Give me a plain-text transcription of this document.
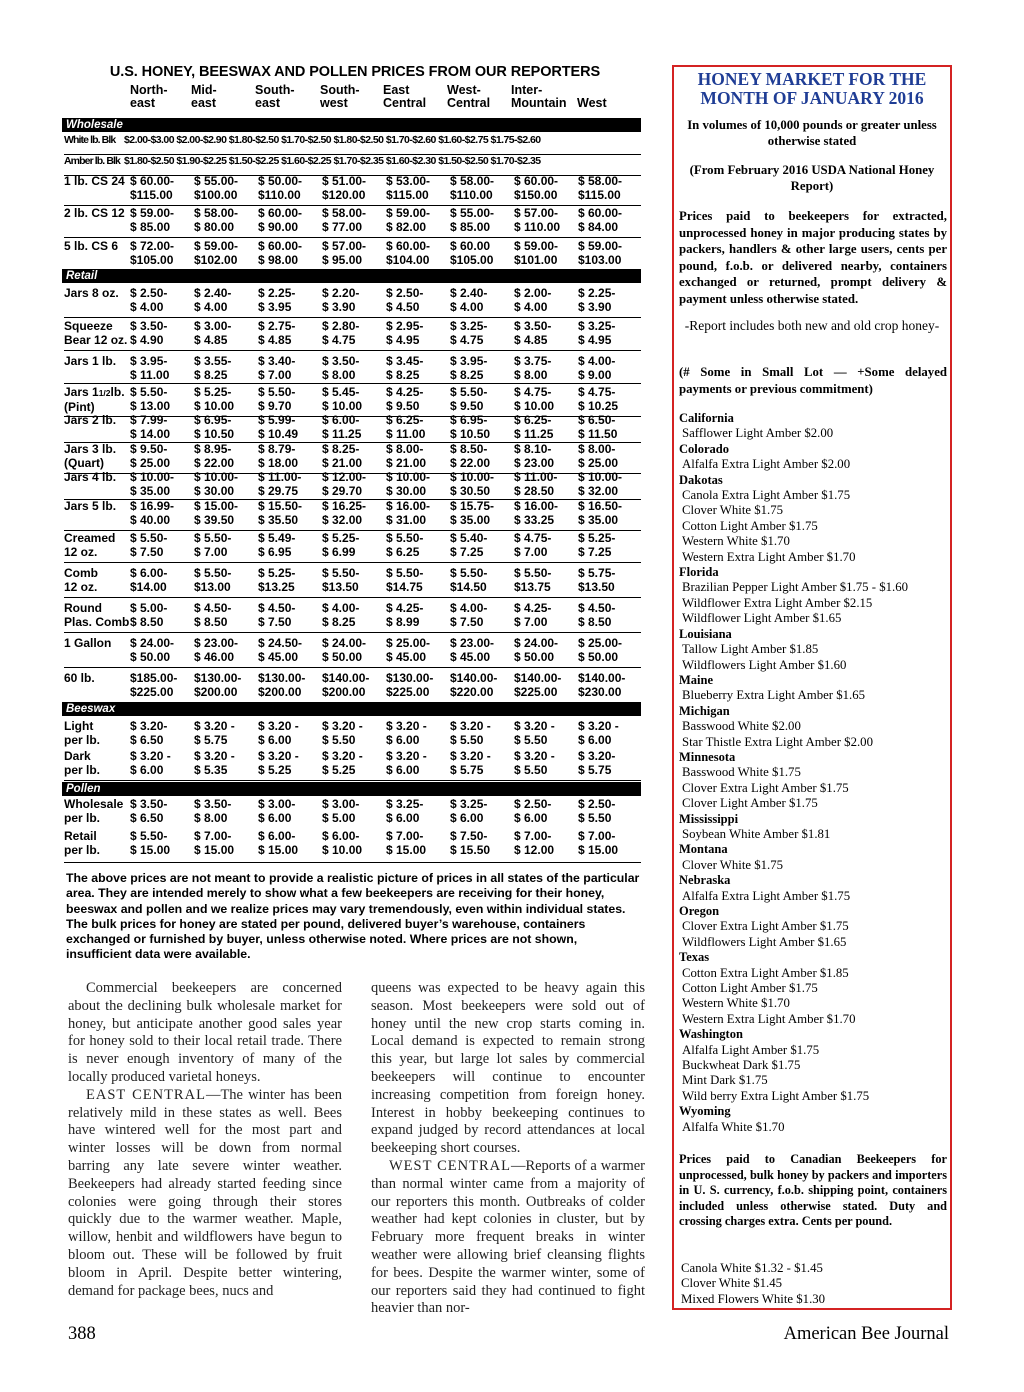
U.S. HONEY, BEESWAX AND POLLEN PRICES FROM OUR REPORTERS
North-
east
Mid-
east
South-
east
South-
west
East
Central
West-
Central
Inter-
Mountain
West
Wholesale
White lb. Blk $2.00-$3.00 $2.00-$2.90 $1.80-$2.50 $1.70-$2.50 $1.80-$2.50 $1.70-$2.60 $1.60-$2.75 $1.75-$2.60
Amber lb. Blk $1.80-$2.50 $1.90-$2.25 $1.50-$2.25 $1.60-$2.25 $1.70-$2.35 $1.60-$2.30 $1.50-$2.50 $1.70-$2.35
1 lb. CS 24 $ 60.00-
$115.00
$ 55.00-
$100.00
$ 50.00-
$110.00
$ 51.00-
$120.00
$ 53.00-
$115.00
$ 58.00-
$110.00
$ 60.00-
$150.00
$ 58.00-
$115.00
2 lb. CS 12 $ 59.00-
$ 85.00
$ 58.00-
$ 80.00
$ 60.00-
$ 90.00
$ 58.00-
$ 77.00
$ 59.00-
$ 82.00
$ 55.00-
$ 85.00
$ 57.00-
$ 110.00
$ 60.00-
$ 84.00
5 lb. CS 6 $ 72.00-
$105.00
$ 59.00-
$102.00
$ 60.00-
$ 98.00
$ 57.00-
$ 95.00
$ 60.00-
$104.00
$ 60.00
$105.00
$ 59.00-
$101.00
$ 59.00-
$103.00
Retail
Jars 8 oz. $ 2.50-
$ 4.00
$ 2.40-
$ 4.00
$ 2.25-
$ 3.95
$ 2.20-
$ 3.90
$ 2.50-
$ 4.50
$ 2.40-
$ 4.00
$ 2.00-
$ 4.00
$ 2.25-
$ 3.90
Squeeze
Bear 12 oz.
$ 3.50-
$ 4.90
$ 3.00-
$ 4.85
$ 2.75-
$ 4.85
$ 2.80-
$ 4.75
$ 2.95-
$ 4.95
$ 3.25-
$ 4.75
$ 3.50-
$ 4.85
$ 3.25-
$ 4.95
Jars 1 lb. $ 3.95-
$ 11.00
$ 3.55-
$ 8.25
$ 3.40-
$ 7.00
$ 3.50-
$ 8.00
$ 3.45-
$ 8.25
$ 3.95-
$ 8.25
$ 3.75-
$ 8.00
$ 4.00-
$ 9.00
Jars 11/2lb.
(Pint)
$ 5.50-
$ 13.00
$ 5.25-
$ 10.00
$ 5.50-
$ 9.70
$ 5.45-
$ 10.00
$ 4.25-
$ 9.50
$ 5.50-
$ 9.50
$ 4.75-
$ 10.00
$ 4.75-
$ 10.25
Jars 2 lb. $ 7.99-
$ 14.00
$ 6.95-
$ 10.50
$ 5.99-
$ 10.49
$ 6.00-
$ 11.25
$ 6.25-
$ 11.00
$ 6.95-
$ 10.50
$ 6.25-
$ 11.25
$ 6.50-
$ 11.50
Jars 3 lb.
(Quart)
$ 9.50-
$ 25.00
$ 8.95-
$ 22.00
$ 8.79-
$ 18.00
$ 8.25-
$ 21.00
$ 8.00-
$ 21.00
$ 8.50-
$ 22.00
$ 8.10-
$ 23.00
$ 8.00-
$ 25.00
Jars 4 lb. $ 10.00-
$ 35.00
$ 10.00-
$ 30.00
$ 11.00-
$ 29.75
$ 12.00-
$ 29.70
$ 10.00-
$ 30.00
$ 10.00-
$ 30.50
$ 11.00-
$ 28.50
$ 10.00-
$ 32.00
Jars 5 lb. $ 16.99-
$ 40.00
$ 15.00-
$ 39.50
$ 15.50-
$ 35.50
$ 16.25-
$ 32.00
$ 16.00-
$ 31.00
$ 15.75-
$ 35.00
$ 16.00-
$ 33.25
$ 16.50-
$ 35.00
Creamed
12 oz.
$ 5.50-
$ 7.50
$ 5.50-
$ 7.00
$ 5.49-
$ 6.95
$ 5.25-
$ 6.99
$ 5.50-
$ 6.25
$ 5.40-
$ 7.25
$ 4.75-
$ 7.00
$ 5.25-
$ 7.25
Comb
12 oz.
$ 6.00-
$14.00
$ 5.50-
$13.00
$ 5.25-
$13.25
$ 5.50-
$13.50
$ 5.50-
$14.75
$ 5.50-
$14.50
$ 5.50-
$13.75
$ 5.75-
$13.50
Round
Plas. Comb
$ 5.00-
$ 8.50
$ 4.50-
$ 8.50
$ 4.50-
$ 7.50
$ 4.00-
$ 8.25
$ 4.25-
$ 8.99
$ 4.00-
$ 7.50
$ 4.25-
$ 7.00
$ 4.50-
$ 8.50
1 Gallon $ 24.00-
$ 50.00
$ 23.00-
$ 46.00
$ 24.50-
$ 45.00
$ 24.00-
$ 50.00
$ 25.00-
$ 45.00
$ 23.00-
$ 45.00
$ 24.00-
$ 50.00
$ 25.00-
$ 50.00
60 lb.	$185.00-
$225.00
$130.00-
$200.00
$130.00-
$200.00
$140.00-
$200.00
$130.00-
$225.00
$140.00-
$220.00
$140.00-
$225.00
$140.00-
$230.00
Beeswax
Light
per lb.
$ 3.20-
$ 6.50
$ 3.20 -
$ 5.75
$ 3.20 -
$ 6.00
$ 3.20 -
$ 5.50
$ 3.20 -
$ 6.00
$ 3.20 -
$ 5.50
$ 3.20 -
$ 5.50
$ 3.20 -
$ 6.00
Dark
per lb.
$ 3.20 -
$ 6.00
$ 3.20 -
$ 5.35
$ 3.20 -
$ 5.25
$ 3.20 -
$ 5.25
$ 3.20 -
$ 6.00
$ 3.20 -
$ 5.75
$ 3.20 -
$ 5.50
$ 3.20-
$ 5.75
Pollen
Wholesale
per lb.
$ 3.50-
$ 6.50
$ 3.50-
$ 8.00
$ 3.00-
$ 6.00
$ 3.00-
$ 5.00
$ 3.25-
$ 6.00
$ 3.25-
$ 6.00
$ 2.50-
$ 6.00
$ 2.50-
$ 5.50
Retail
per lb.
$ 5.50-
$ 15.00
$ 7.00-
$ 15.00
$ 6.00-
$ 15.00
$ 6.00-
$ 10.00
$ 7.00-
$ 15.00
$ 7.50-
$ 15.50
$ 7.00-
$ 12.00
$ 7.00-
$ 15.00
The above prices are not meant to provide a realistic picture of prices in all states of the particular area. They are intended merely to show what a few beekeepers are receiving for their honey, beeswax and pollen and we realize prices may vary tremendously, even within individual states. The bulk prices for honey are stated per pound, delivered buyer’s warehouse, containers exchanged or furnished by buyer, unless otherwise noted. Where prices are not shown, insufficient data were available.

Commercial beekeepers are concerned about the declining bulk wholesale market for honey, but anticipate another good sales year for honey sold to their local retail trade. There is never enough inventory of many of the locally produced varietal honeys.

EAST CENTRAL—The winter has been relatively mild in these states as well. Bees have wintered well for the most part and winter losses will be down from normal barring any late severe winter weather. Beekeepers had already started feeding since colonies were going through their stores quickly due to the warmer weather. Maple, willow, henbit and wildflowers have begun to bloom out. These will be followed by fruit bloom in April. Despite better wintering, demand for package bees, nucs and

queens was expected to be heavy again this season. Most beekeepers were sold out of honey until the new crop starts coming in. Local demand is expected to remain strong this year, but large lot sales by commercial beekeepers will continue to encounter increasing competition from foreign honey. Interest in hobby beekeeping continues to expand judged by record attendances at local beekeeping short courses.

WEST CENTRAL—Reports of a warmer than normal winter came from a majority of our reporters this month. Outbreaks of colder weather had kept colonies in cluster, but by February more frequent breaks in winter weather were allowing brief cleansing flights for bees. Despite the warmer winter, some of our reporters said they had continued to fight heavier than nor-

HONEY MARKET FOR THE MONTH OF JANUARY 2016
In volumes of 10,000 pounds or greater unless otherwise stated
(From February 2016 USDA National Honey Report)
Prices paid to beekeepers for extracted, unprocessed honey in major producing states by packers, handlers & other large users, cents per pound, f.o.b. or delivered nearby, containers exchanged or returned, prompt delivery & payment unless otherwise stated.
-Report includes both new and old crop honey-
(# Some in Small Lot — +Some delayed payments or previous commitment)
California
Safflower Light Amber $2.00
Colorado
Alfalfa Extra Light Amber $2.00
Dakotas
Canola Extra Light Amber $1.75
Clover White $1.75
Cotton Light Amber $1.75
Western White $1.70
Western Extra Light Amber $1.70
Florida
Brazilian Pepper Light Amber $1.75 - $1.60
Wildflower Extra Light Amber $2.15
Wildflower Light Amber $1.65
Louisiana
Tallow Light Amber $1.85
Wildflowers Light Amber $1.60
Maine
Blueberry Extra Light Amber $1.65
Michigan
Basswood White $2.00
Star Thistle Extra Light Amber $2.00
Minnesota
Basswood White $1.75
Clover Extra Light Amber $1.75
Clover Light Amber $1.75
Mississippi
Soybean White Amber $1.81
Montana
Clover White $1.75
Nebraska
Alfalfa Extra Light Amber $1.75
Oregon
Clover Extra Light Amber $1.75
Wildflowers Light Amber $1.65
Texas
Cotton Extra Light Amber $1.85
Cotton Light Amber $1.75
Western White $1.70
Western Extra Light Amber $1.70
Washington
Alfalfa Light Amber $1.75
Buckwheat Dark $1.75
Mint Dark $1.75
Wild berry Extra Light Amber $1.75
Wyoming
Alfalfa White $1.70
Prices paid to Canadian Beekeepers for unprocessed, bulk honey by packers and importers in U. S. currency, f.o.b. shipping point, containers included unless otherwise stated. Duty and crossing charges extra. Cents per pound.
Canola White $1.32 - $1.45
Clover White $1.45
Mixed Flowers White $1.30
388	American Bee Journal
